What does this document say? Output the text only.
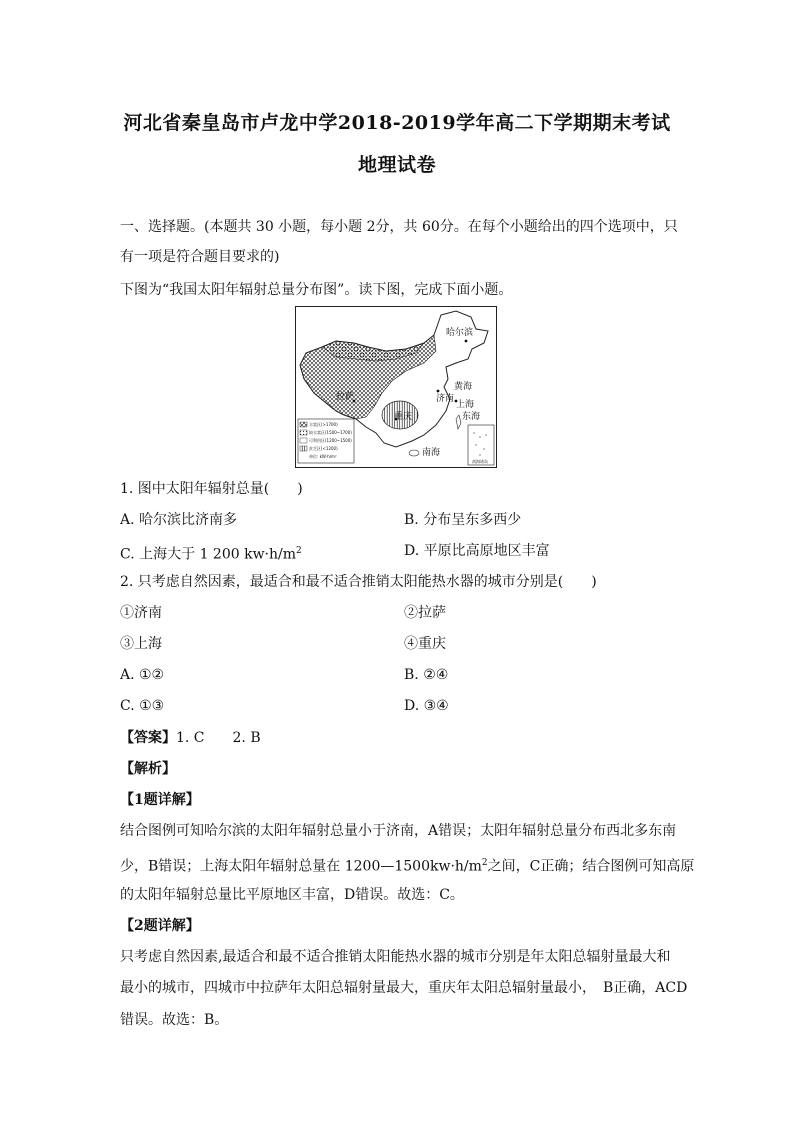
河北省秦皇岛市卢龙中学2018-2019学年高二下学期期末考试
地理试卷
一、选择题。(本题共 30 小题，每小题 2分，共 60分。在每个小题给出的四个选项中，只
有一项是符合题目要求的)
下图为“我国太阳年辐射总量分布图”。读下图，完成下面小题。
丰富区(>1700)
较丰富区(1500~1700)
可利用区(1200~1500)
贫乏区(<1200)
单位: kW·h/m²
南海诸岛
哈尔滨
拉萨
重庆
济南
上海
黄海
东海
南海
1. 图中太阳年辐射总量(　　)
A. 哈尔滨比济南多	B. 分布呈东多西少
C. 上海大于 1 200 $kw\cdot h/m^2$	D. 平原比高原地区丰富
2. 只考虑自然因素，最适合和最不适合推销太阳能热水器的城市分别是(　　)
①济南	②拉萨
③上海	④重庆
A. ①②	B. ②④
C. ①③	D. ③④
【答案】1. C　　2. B
【解析】
【1题详解】
结合图例可知哈尔滨的太阳年辐射总量小于济南，A错误；太阳年辐射总量分布西北多东南
少，B错误；上海太阳年辐射总量在 $1200—1500kw\cdot h/m^2$之间，C正确；结合图例可知高原
的太阳年辐射总量比平原地区丰富，D错误。故选：C。
【2题详解】
只考虑自然因素,最适合和最不适合推销太阳能热水器的城市分别是年太阳总辐射量最大和
最小的城市，四城市中拉萨年太阳总辐射量最大，重庆年太阳总辐射量最小，　B正确，ACD
错误。故选：B。
